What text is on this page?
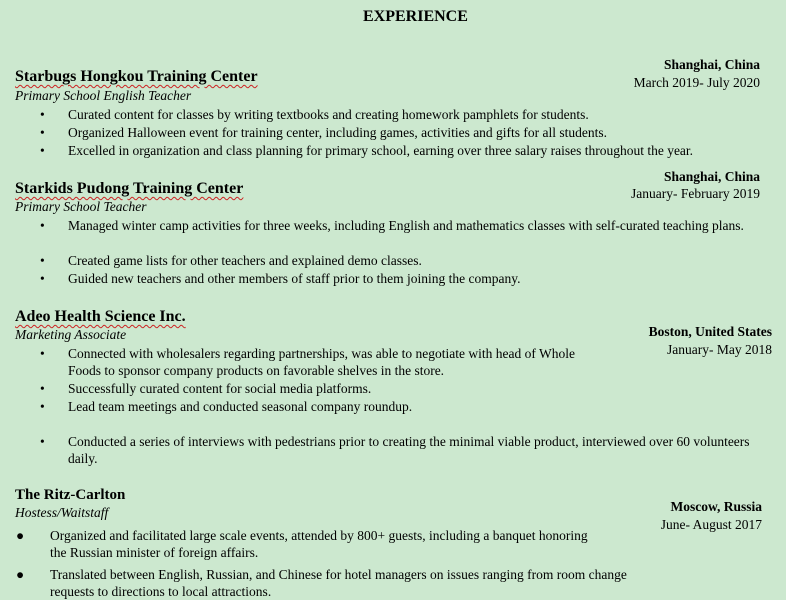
EXPERIENCE
Starbugs Hongkou Training Center
Primary School English Teacher
Shanghai, China
March 2019- July 2020
• Curated content for classes by writing textbooks and creating homework pamphlets for students.
• Organized Halloween event for training center, including games, activities and gifts for all students.
• Excelled in organization and class planning for primary school, earning over three salary raises throughout the year.
Starkids Pudong Training Center
Primary School Teacher
Shanghai, China
January- February 2019
• Managed winter camp activities for three weeks, including English and mathematics classes with self-curated teaching plans.
• Created game lists for other teachers and explained demo classes.
• Guided new teachers and other members of staff prior to them joining the company.
Adeo Health Science Inc.
Marketing Associate	Boston, United States
January- May 2018
• Connected with wholesalers regarding partnerships, was able to negotiate with head of Whole Foods to sponsor company products on favorable shelves in the store.
• Successfully curated content for social media platforms.
• Lead team meetings and conducted seasonal company roundup.
• Conducted a series of interviews with pedestrians prior to creating the minimal viable product, interviewed over 60 volunteers daily.
The Ritz-Carlton
Hostess/Waitstaff	Moscow, Russia
June- August 2017
● Organized and facilitated large scale events, attended by 800+ guests, including a banquet honoring the Russian minister of foreign affairs.
● Translated between English, Russian, and Chinese for hotel managers on issues ranging from room change requests to directions to local attractions.
